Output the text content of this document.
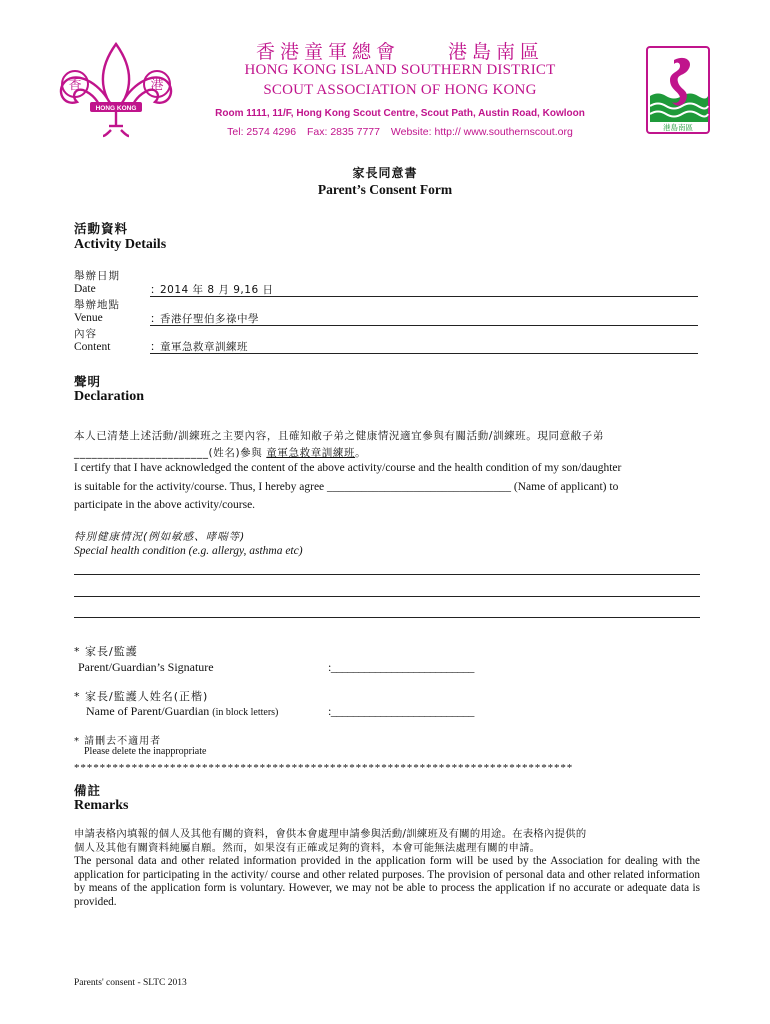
香	港
HONG KONG
港島南區
香港童軍總會　　港島南區
HONG KONG ISLAND SOUTHERN DISTRICT
SCOUT ASSOCIATION OF HONG KONG
Room 1111, 11/F, Hong Kong Scout Centre, Scout Path, Austin Road, Kowloon
Tel: 2574 4296 Fax: 2835 7777 Website: http:// www.southernscout.org
家長同意書
Parent’s Consent Form
活動資料
Activity Details
舉辦日期
Date	：2014 年 8 月 9,16 日
舉辦地點
Venue	：香港仔聖伯多祿中學
內容
Content	：童軍急救章訓練班
聲明
Declaration
本人已清楚上述活動/訓練班之主要內容，且確知敝子弟之健康情況適宜參與有關活動/訓練班。現同意敝子弟
_______________________(姓名)參與 童軍急救章訓練班。
I certify that I have acknowledged the content of the above activity/course and the health condition of my son/daughter
is suitable for the activity/course. Thus, I hereby agree ________________________________ (Name of applicant) to
participate in the above activity/course.
特別健康情況(例如敏感、哮喘等)
Special health condition (e.g. allergy, asthma etc)
* 家長/監護
Parent/Guardian’s Signature	:__________________________
* 家長/監護人姓名(正楷)
Name of Parent/Guardian (in block letters)	:__________________________
* 請刪去不適用者
Please delete the inappropriate
******************************************************************************
備註
Remarks
申請表格內填報的個人及其他有關的資料，會供本會處理申請參與活動/訓練班及有關的用途。在表格內提供的
個人及其他有關資料純屬自願。然而，如果沒有正確或足夠的資料，本會可能無法處理有關的申請。
The personal data and other related information provided in the application form will be used by the Association for dealing with the application for participating in the activity/ course and other related purposes. The provision of personal data and other related information by means of the application form is voluntary. However, we may not be able to process the application if no accurate or adequate data is provided.
Parents' consent - SLTC 2013
